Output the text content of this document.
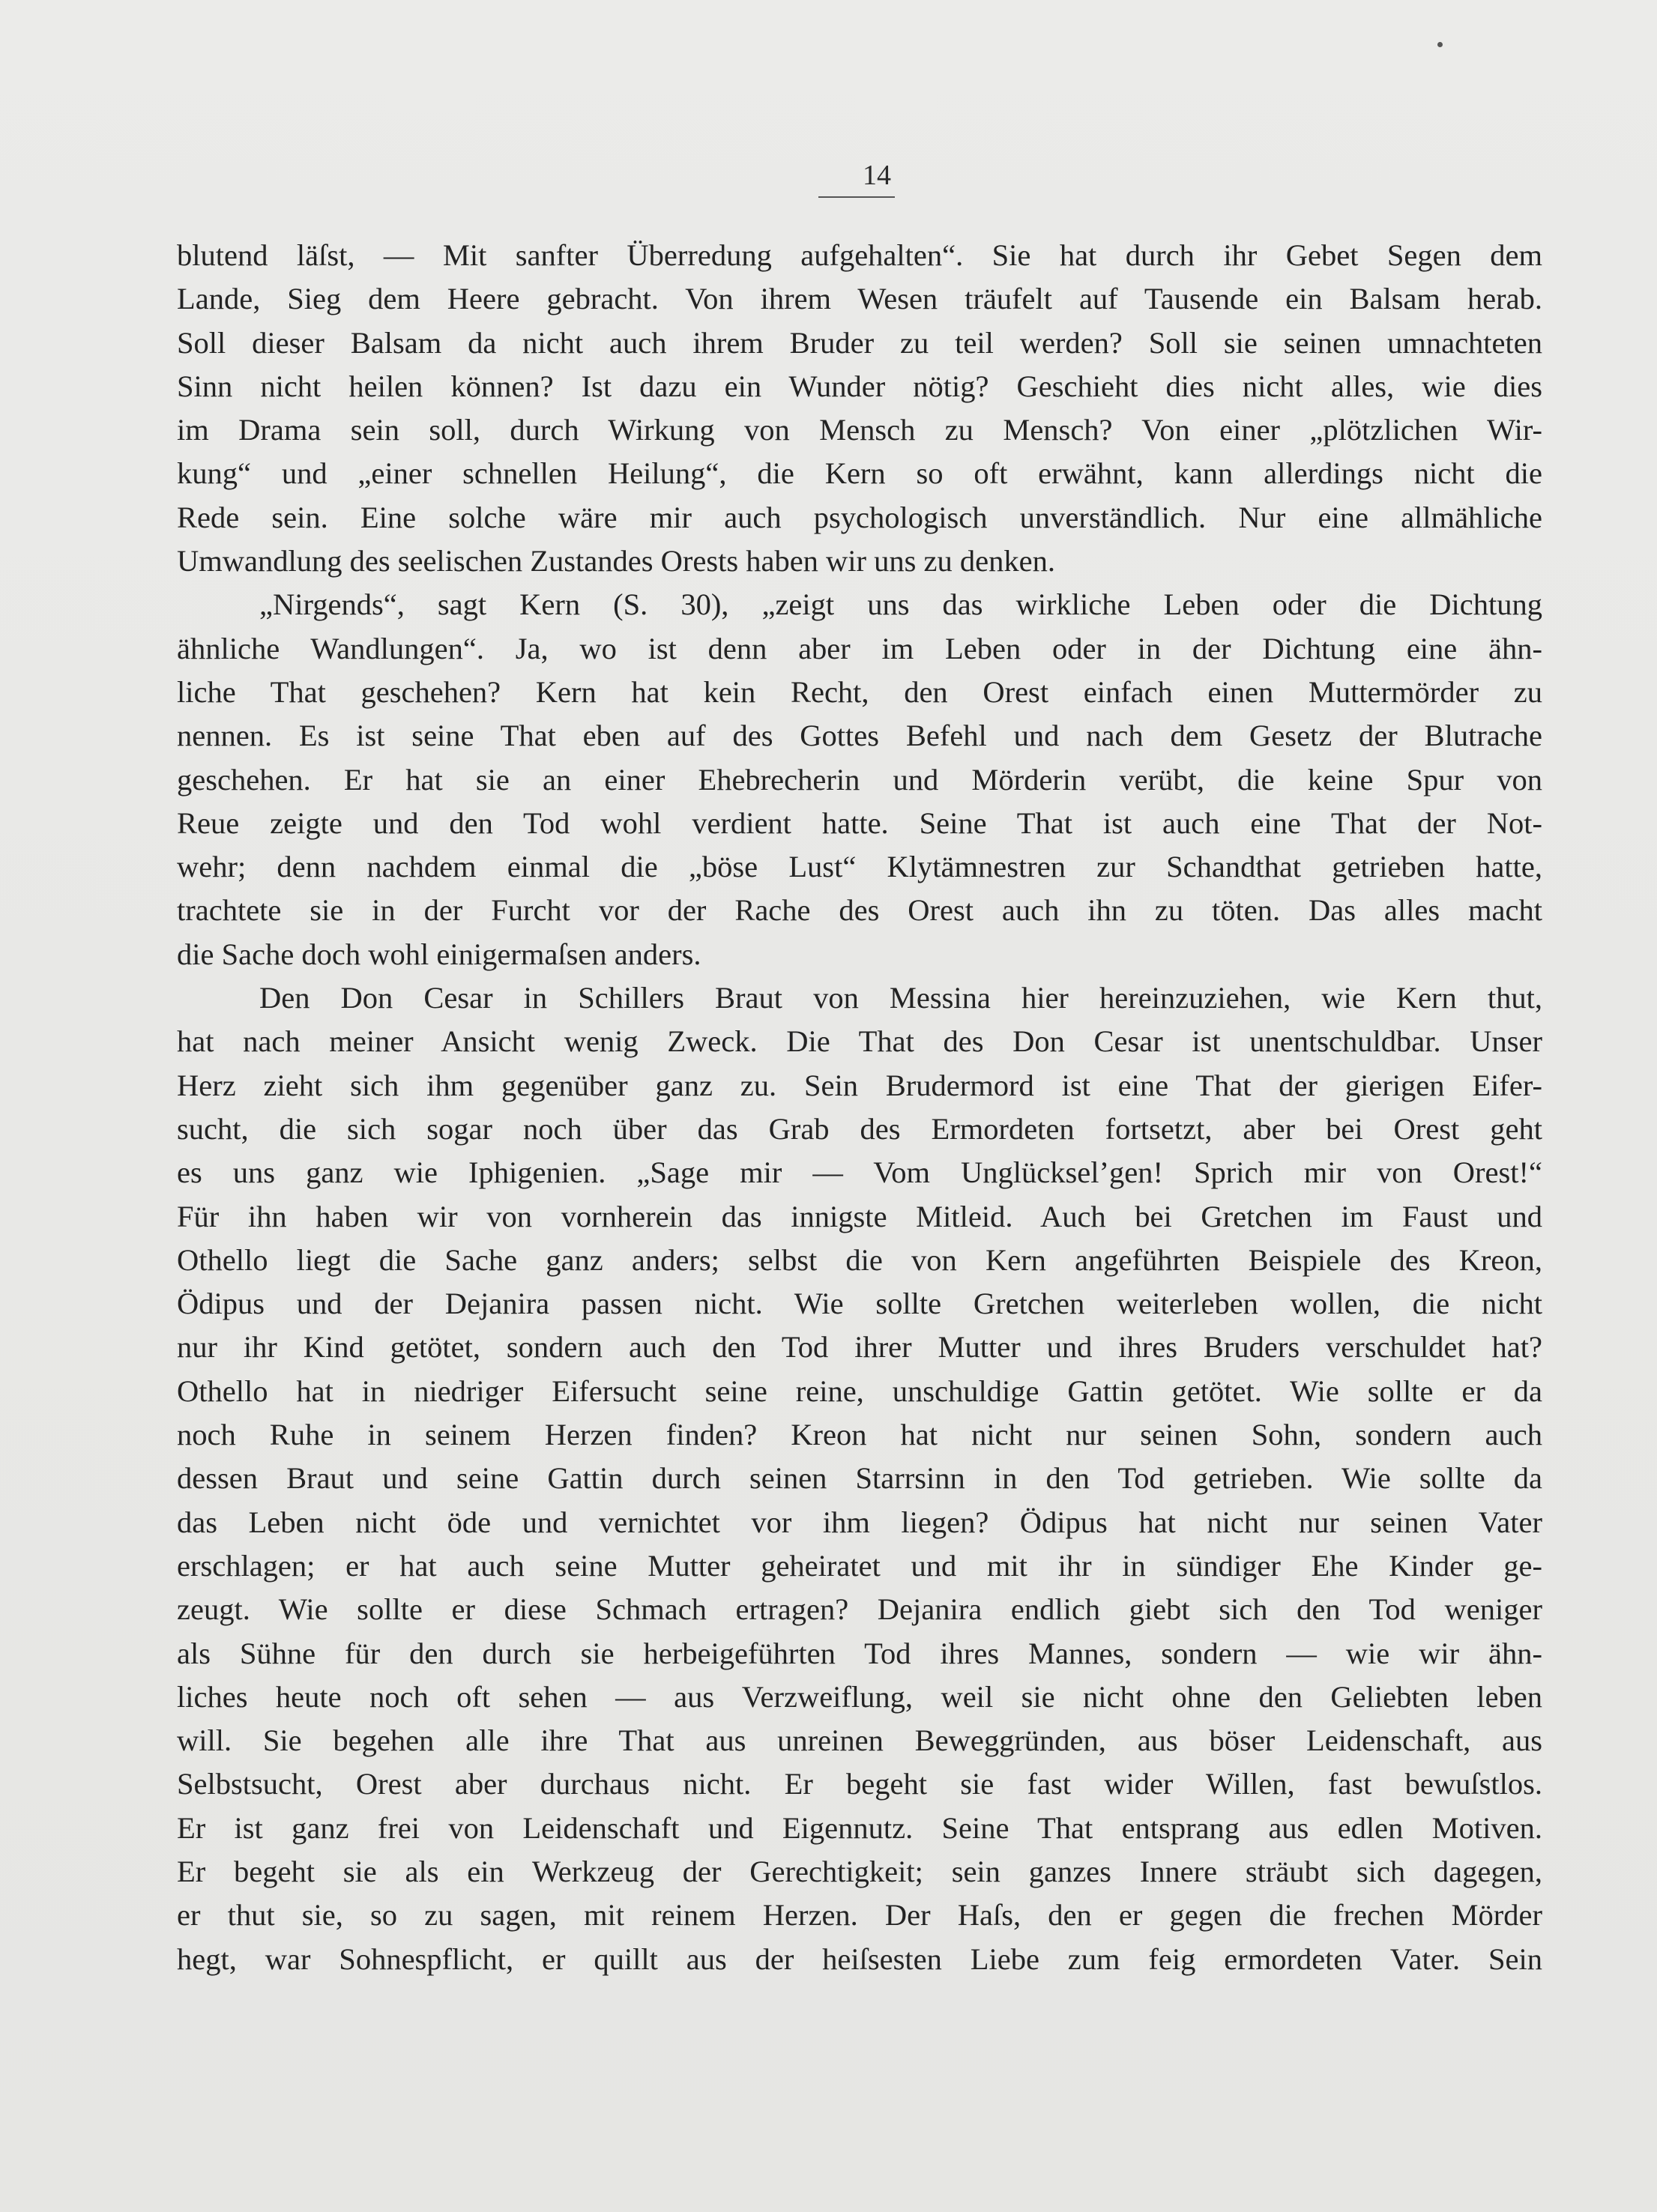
14
blutend läſst, — Mit sanfter Überredung aufgehalten“. Sie hat durch ihr Gebet Segen dem
Lande, Sieg dem Heere gebracht. Von ihrem Wesen träufelt auf Tausende ein Balsam herab.
Soll dieser Balsam da nicht auch ihrem Bruder zu teil werden? Soll sie seinen umnachteten
Sinn nicht heilen können? Ist dazu ein Wunder nötig? Geschieht dies nicht alles, wie dies
im Drama sein soll, durch Wirkung von Mensch zu Mensch? Von einer „plötzlichen Wir-
kung“ und „einer schnellen Heilung“, die Kern so oft erwähnt, kann allerdings nicht die
Rede sein. Eine solche wäre mir auch psychologisch unverständlich. Nur eine allmähliche
Umwandlung des seelischen Zustandes Orests haben wir uns zu denken.
„Nirgends“, sagt Kern (S. 30), „zeigt uns das wirkliche Leben oder die Dichtung
ähnliche Wandlungen“. Ja, wo ist denn aber im Leben oder in der Dichtung eine ähn-
liche That geschehen? Kern hat kein Recht, den Orest einfach einen Muttermörder zu
nennen. Es ist seine That eben auf des Gottes Befehl und nach dem Gesetz der Blutrache
geschehen. Er hat sie an einer Ehebrecherin und Mörderin verübt, die keine Spur von
Reue zeigte und den Tod wohl verdient hatte. Seine That ist auch eine That der Not-
wehr; denn nachdem einmal die „böse Lust“ Klytämnestren zur Schandthat getrieben hatte,
trachtete sie in der Furcht vor der Rache des Orest auch ihn zu töten. Das alles macht
die Sache doch wohl einigermaſsen anders.
Den Don Cesar in Schillers Braut von Messina hier hereinzuziehen, wie Kern thut,
hat nach meiner Ansicht wenig Zweck. Die That des Don Cesar ist unentschuldbar. Unser
Herz zieht sich ihm gegenüber ganz zu. Sein Brudermord ist eine That der gierigen Eifer-
sucht, die sich sogar noch über das Grab des Ermordeten fortsetzt, aber bei Orest geht
es uns ganz wie Iphigenien. „Sage mir — Vom Unglücksel’gen! Sprich mir von Orest!“
Für ihn haben wir von vornherein das innigste Mitleid. Auch bei Gretchen im Faust und
Othello liegt die Sache ganz anders; selbst die von Kern angeführten Beispiele des Kreon,
Ödipus und der Dejanira passen nicht. Wie sollte Gretchen weiterleben wollen, die nicht
nur ihr Kind getötet, sondern auch den Tod ihrer Mutter und ihres Bruders verschuldet hat?
Othello hat in niedriger Eifersucht seine reine, unschuldige Gattin getötet. Wie sollte er da
noch Ruhe in seinem Herzen finden? Kreon hat nicht nur seinen Sohn, sondern auch
dessen Braut und seine Gattin durch seinen Starrsinn in den Tod getrieben. Wie sollte da
das Leben nicht öde und vernichtet vor ihm liegen? Ödipus hat nicht nur seinen Vater
erschlagen; er hat auch seine Mutter geheiratet und mit ihr in sündiger Ehe Kinder ge-
zeugt. Wie sollte er diese Schmach ertragen? Dejanira endlich giebt sich den Tod weniger
als Sühne für den durch sie herbeigeführten Tod ihres Mannes, sondern — wie wir ähn-
liches heute noch oft sehen — aus Verzweiflung, weil sie nicht ohne den Geliebten leben
will. Sie begehen alle ihre That aus unreinen Beweggründen, aus böser Leidenschaft, aus
Selbstsucht, Orest aber durchaus nicht. Er begeht sie fast wider Willen, fast bewuſstlos.
Er ist ganz frei von Leidenschaft und Eigennutz. Seine That entsprang aus edlen Motiven.
Er begeht sie als ein Werkzeug der Gerechtigkeit; sein ganzes Innere sträubt sich dagegen,
er thut sie, so zu sagen, mit reinem Herzen. Der Haſs, den er gegen die frechen Mörder
hegt, war Sohnespflicht, er quillt aus der heiſsesten Liebe zum feig ermordeten Vater. Sein
